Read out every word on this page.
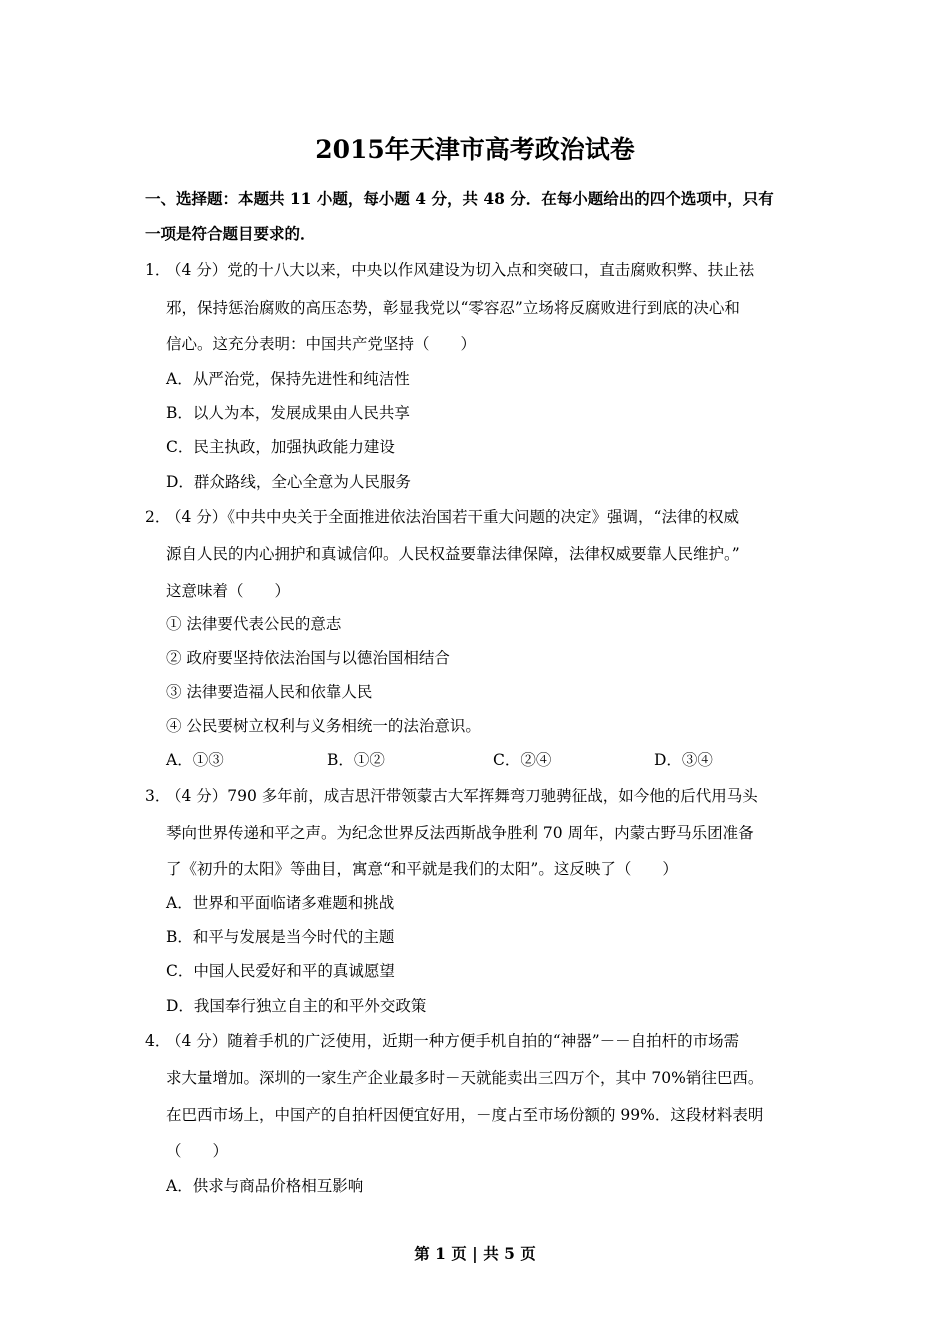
2015年天津市高考政治试卷
一、选择题：本题共 11 小题，每小题 4 分，共 48 分．在每小题给出的四个选项中，只有
一项是符合题目要求的．
1．
（4 分）党的十八大以来，中央以作风建设为切入点和突破口，直击腐败积弊、扶止祛
邪，保持惩治腐败的高压态势，彰显我党以“零容忍”立场将反腐败进行到底的决心和
信心。这充分表明：中国共产党坚持（　　）
A．从严治党，保持先进性和纯洁性
B．以人为本，发展成果由人民共享
C．民主执政，加强执政能力建设
D．群众路线，全心全意为人民服务
2．
（4 分）《中共中央关于全面推进依法治国若干重大问题的决定》强调，“法律的权威
源自人民的内心拥护和真诚信仰。人民权益要靠法律保障，法律权威要靠人民维护。”
这意味着（　　）
① 法律要代表公民的意志
② 政府要坚持依法治国与以德治国相结合
③ 法律要造福人民和依靠人民
④ 公民要树立权利与义务相统一的法治意识。
A．①③	B．①②	C．②④	D．③④
3．
（4 分）790 多年前，成吉思汗带领蒙古大军挥舞弯刀驰骋征战，如今他的后代用马头
琴向世界传递和平之声。为纪念世界反法西斯战争胜利 70 周年，内蒙古野马乐团准备
了《初升的太阳》等曲目，寓意“和平就是我们的太阳”。这反映了（　　）
A．世界和平面临诸多难题和挑战
B．和平与发展是当今时代的主题
C．中国人民爱好和平的真诚愿望
D．我国奉行独立自主的和平外交政策
4．
（4 分）随着手机的广泛使用，近期一种方便手机自拍的“神器”－－自拍杆的市场需
求大量增加。深圳的一家生产企业最多时－天就能卖出三四万个，其中 70%销往巴西。
在巴西市场上，中国产的自拍杆因便宜好用，－度占至市场份额的 99%．这段材料表明
（　　）
A．供求与商品价格相互影响
第 1 页 | 共 5 页
